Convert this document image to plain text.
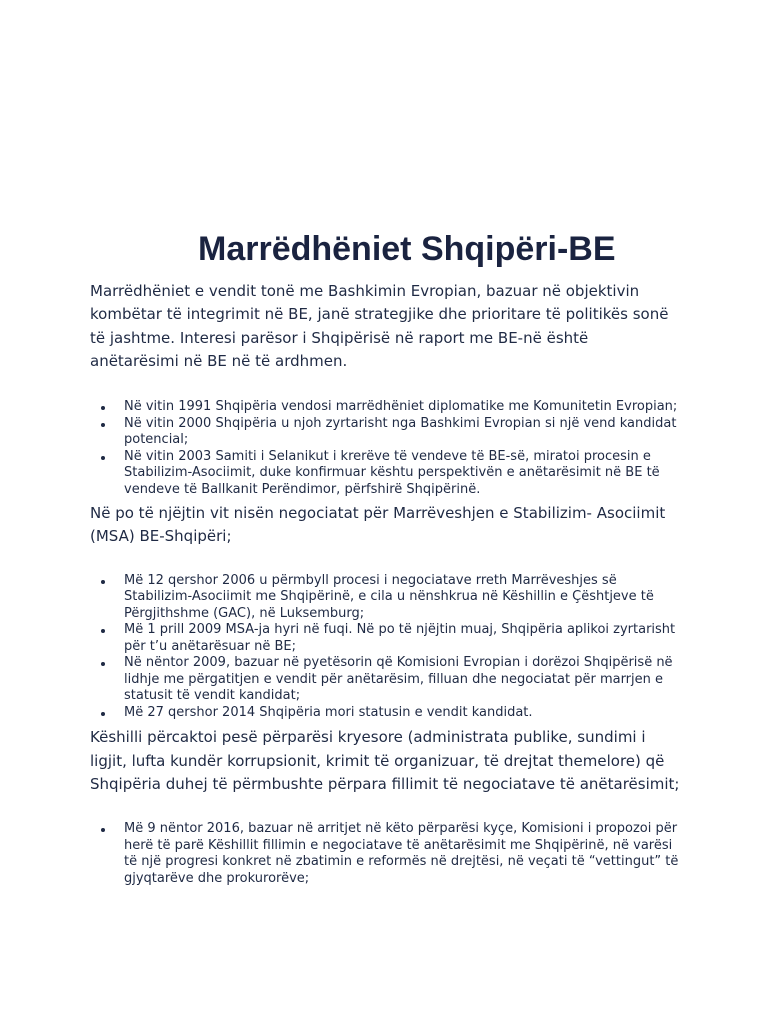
Marrëdhëniet Shqipëri-BE

Marrëdhëniet e vendit tonë me Bashkimin Evropian, bazuar në objektivin kombëtar të integrimit në BE, janë strategjike dhe prioritare të politikës sonë të jashtme. Interesi parësor i Shqipërisë në raport me BE-në është anëtarësimi në BE në të ardhmen.

Në vitin 1991 Shqipëria vendosi marrëdhëniet diplomatike me Komunitetin Evropian;
Në vitin 2000 Shqipëria u njoh zyrtarisht nga Bashkimi Evropian si një vend kandidat potencial;
Në vitin 2003 Samiti i Selanikut i krerëve të vendeve të BE-së, miratoi procesin e Stabilizim-Asociimit, duke konfirmuar kështu perspektivën e anëtarësimit në BE të vendeve të Ballkanit Perëndimor, përfshirë Shqipërinë.

Në po të njëjtin vit nisën negociatat për Marrëveshjen e Stabilizim- Asociimit (MSA) BE-Shqipëri;

Më 12 qershor 2006 u përmbyll procesi i negociatave rreth Marrëveshjes së Stabilizim-Asociimit me Shqipërinë, e cila u nënshkrua në Këshillin e Çështjeve të Përgjithshme (GAC), në Luksemburg;
Më 1 prill 2009 MSA-ja hyri në fuqi. Në po të njëjtin muaj, Shqipëria aplikoi zyrtarisht për t’u anëtarësuar në BE;
Në nëntor 2009, bazuar në pyetësorin që Komisioni Evropian i dorëzoi Shqipërisë në lidhje me përgatitjen e vendit për anëtarësim, filluan dhe negociatat për marrjen e statusit të vendit kandidat;
Më 27 qershor 2014 Shqipëria mori statusin e vendit kandidat.

Këshilli përcaktoi pesë përparësi kryesore (administrata publike, sundimi i ligjit, lufta kundër korrupsionit, krimit të organizuar, të drejtat themelore) që Shqipëria duhej të përmbushte përpara fillimit të negociatave të anëtarësimit;

Më 9 nëntor 2016, bazuar në arritjet në këto përparësi kyçe, Komisioni i propozoi për herë të parë Këshillit fillimin e negociatave të anëtarësimit me Shqipërinë, në varësi të një progresi konkret në zbatimin e reformës në drejtësi, në veçati të “vettingut” të gjyqtarëve dhe prokurorëve;
